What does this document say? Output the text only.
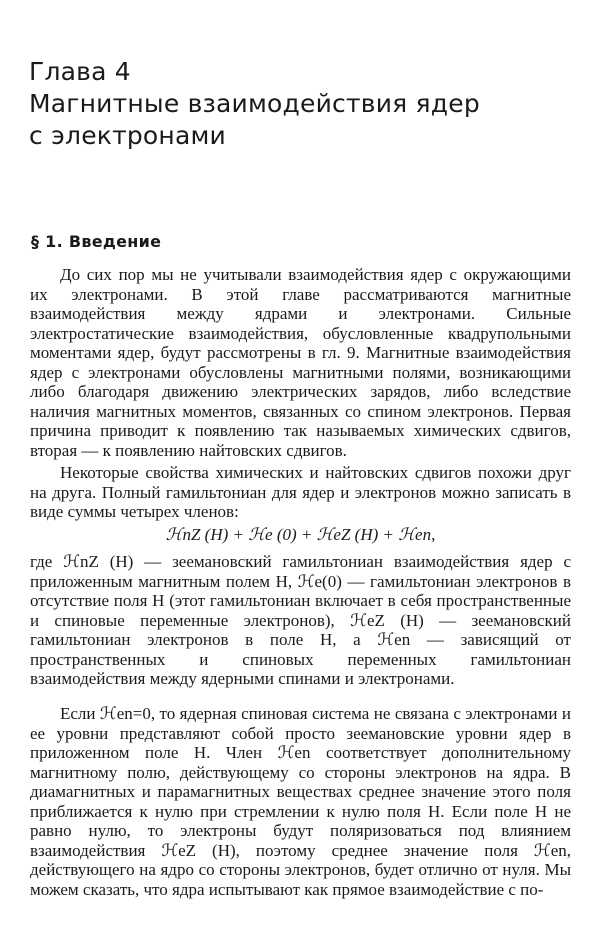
Глава 4
Магнитные взаимодействия ядер
с электронами
§ 1. Введение

До сих пор мы не учитывали взаимодействия ядер с окружающими их электронами. В этой главе рассматриваются магнитные взаимодействия между ядрами и электронами. Сильные электростатические взаимодействия, обусловленные квадрупольными моментами ядер, будут рассмотрены в гл. 9. Магнитные взаимодействия ядер с электронами обусловлены магнитными полями, возникающими либо благодаря движению электрических зарядов, либо вследствие наличия магнитных моментов, связанных со спином электронов. Первая причина приводит к появлению так называемых химических сдвигов, вторая — к появлению найтовских сдвигов.

Некоторые свойства химических и найтовских сдвигов похожи друг на друга. Полный гамильтониан для ядер и электронов можно записать в виде суммы четырех членов:

ℋnZ (H) + ℋe (0) + ℋeZ (H) + ℋen,

где ℋnZ (H) — зеемановский гамильтониан взаимодействия ядер с приложенным магнитным полем H, ℋe(0) — гамильтониан электронов в отсутствие поля H (этот гамильтониан включает в себя пространственные и спиновые переменные электронов), ℋeZ (H) — зеемановский гамильтониан электронов в поле H, а ℋen — зависящий от пространственных и спиновых переменных гамильтониан взаимодействия между ядерными спинами и электронами.

Если ℋen=0, то ядерная спиновая система не связана с электронами и ее уровни представляют собой просто зеемановские уровни ядер в приложенном поле H. Член ℋen соответствует дополнительному магнитному полю, действующему со стороны электронов на ядра. В диамагнитных и парамагнитных веществах среднее значение этого поля приближается к нулю при стремлении к нулю поля H. Если поле H не равно нулю, то электроны будут поляризоваться под влиянием взаимодействия ℋeZ (H), поэтому среднее значение поля ℋen, действующего на ядро со стороны электронов, будет отлично от нуля. Мы можем сказать, что ядра испытывают как прямое взаимодействие с по-
